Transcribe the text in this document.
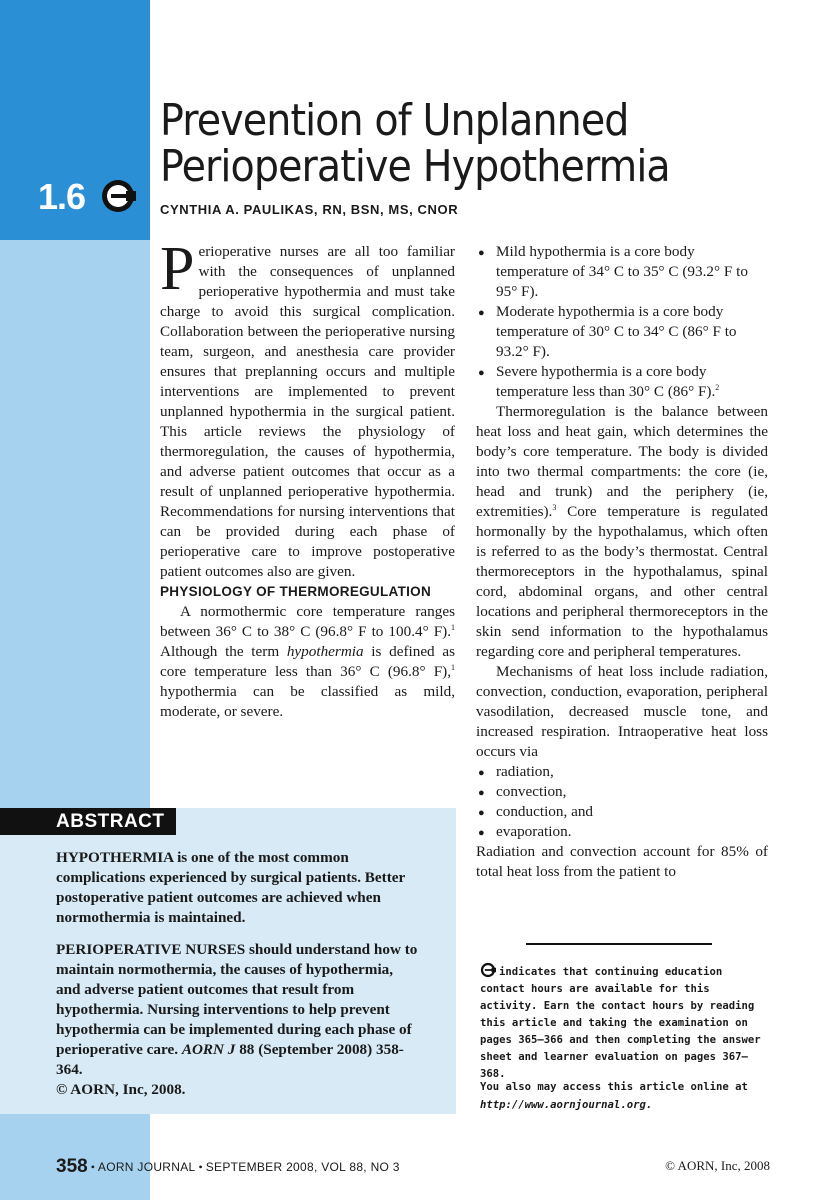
1.6
Prevention of Unplanned
Perioperative Hypothermia
CYNTHIA A. PAULIKAS, RN, BSN, MS, CNOR

Perioperative nurses are all too familiar with the consequences of unplanned perioperative hypothermia and must take charge to avoid this surgical complication. Collaboration between the perioperative nursing team, surgeon, and anesthesia care provider ensures that preplanning occurs and multiple interventions are implemented to prevent unplanned hypothermia in the surgical patient. This article reviews the physiology of thermoregulation, the causes of hypothermia, and adverse patient outcomes that occur as a result of unplanned perioperative hypothermia. Recommendations for nursing interventions that can be provided during each phase of perioperative care to improve postoperative patient outcomes also are given.

PHYSIOLOGY OF THERMOREGULATION

A normothermic core temperature ranges between 36° C to 38° C (96.8° F to 100.4° F).$^1$ Although the term hypothermia is defined as core temperature less than 36° C (96.8° F),$^1$ hypothermia can be classified as mild, moderate, or severe.

● Mild hypothermia is a core body temperature of 34° C to 35° C (93.2° F to 95° F).
● Moderate hypothermia is a core body temperature of 30° C to 34° C (86° F to 93.2° F).
● Severe hypothermia is a core body temperature less than 30° C (86° F).$^2$

Thermoregulation is the balance between heat loss and heat gain, which determines the body’s core temperature. The body is divided into two thermal compartments: the core (ie, head and trunk) and the periphery (ie, extremities).$^3$ Core temperature is regulated hormonally by the hypothalamus, which often is referred to as the body’s thermostat. Central thermoreceptors in the hypothalamus, spinal cord, abdominal organs, and other central locations and peripheral thermoreceptors in the skin send information to the hypothalamus regarding core and peripheral temperatures.

Mechanisms of heat loss include radiation, convection, conduction, evaporation, peripheral vasodilation, decreased muscle tone, and increased respiration. Intraoperative heat loss occurs via

● radiation,
● convection,
● conduction, and
● evaporation.

Radiation and convection account for 85% of total heat loss from the patient to

ABSTRACT

HYPOTHERMIA is one of the most common complications experienced by surgical patients. Better postoperative patient outcomes are achieved when normothermia is maintained.

PERIOPERATIVE NURSES should understand how to maintain normothermia, the causes of hypothermia, and adverse patient outcomes that result from hypothermia. Nursing interventions to help prevent hypothermia can be implemented during each phase of perioperative care. AORN J 88 (September 2008) 358-364.
© AORN, Inc, 2008.

indicates that continuing education contact hours are available for this activity. Earn the contact hours by reading this article and taking the examination on pages 365–366 and then completing the answer sheet and learner evaluation on pages 367–368.

You also may access this article online at
http://www.aornjournal.org.
358 • AORN JOURNAL • SEPTEMBER 2008, VOL 88, NO 3	© AORN, Inc, 2008
